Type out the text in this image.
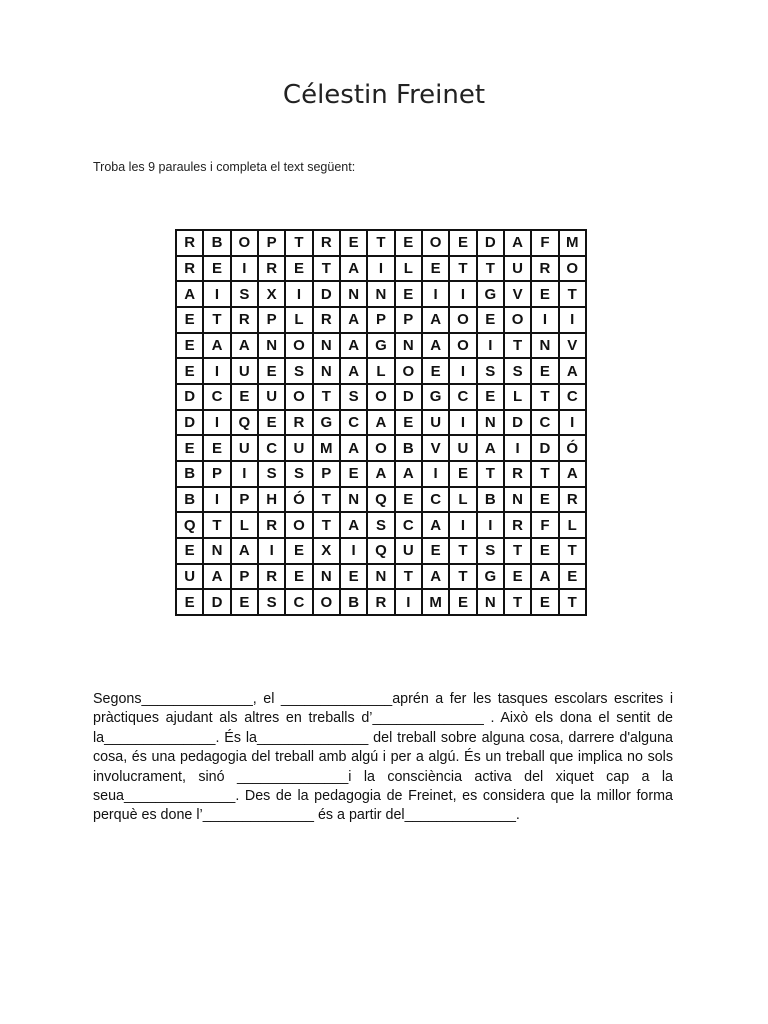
Célestin Freinet
Troba les 9 paraules i completa el text següent:
R	B	O	P	T	R	E	T	E	O	E	D	A	F	M
R	E	I	R	E	T	A	I	L	E	T	T	U	R	O
A	I	S	X	I	D	N	N	E	I	I	G	V	E	T
E	T	R	P	L	R	A	P	P	A	O	E	O	I	I
E	A	A	N	O	N	A	G	N	A	O	I	T	N	V
E	I	U	E	S	N	A	L	O	E	I	S	S	E	A
D	C	E	U	O	T	S	O	D	G	C	E	L	T	C
D	I	Q	E	R	G	C	A	E	U	I	N	D	C	I
E	E	U	C	U	M	A	O	B	V	U	A	I	D	Ó
B	P	I	S	S	P	E	A	A	I	E	T	R	T	A
B	I	P	H	Ó	T	N	Q	E	C	L	B	N	E	R
Q	T	L	R	O	T	A	S	C	A	I	I	R	F	L
E	N	A	I	E	X	I	Q	U	E	T	S	T	E	T
U	A	P	R	E	N	E	N	T	A	T	G	E	A	E
E	D	E	S	C	O	B	R	I	M	E	N	T	E	T
Segons______________, el ______________aprén a fer les tasques escolars escrites i pràctiques ajudant als altres en treballs d’______________ . Això els dona el sentit de la______________. És la______________ del treball sobre alguna cosa, darrere d'alguna cosa, és una pedagogia del treball amb algú i per a algú. És un treball que implica no sols involucrament, sinó ______________i la consciència activa del xiquet cap a la seua______________. Des de la pedagogia de Freinet, es considera que la millor forma perquè es done l’______________ és a partir del______________.
